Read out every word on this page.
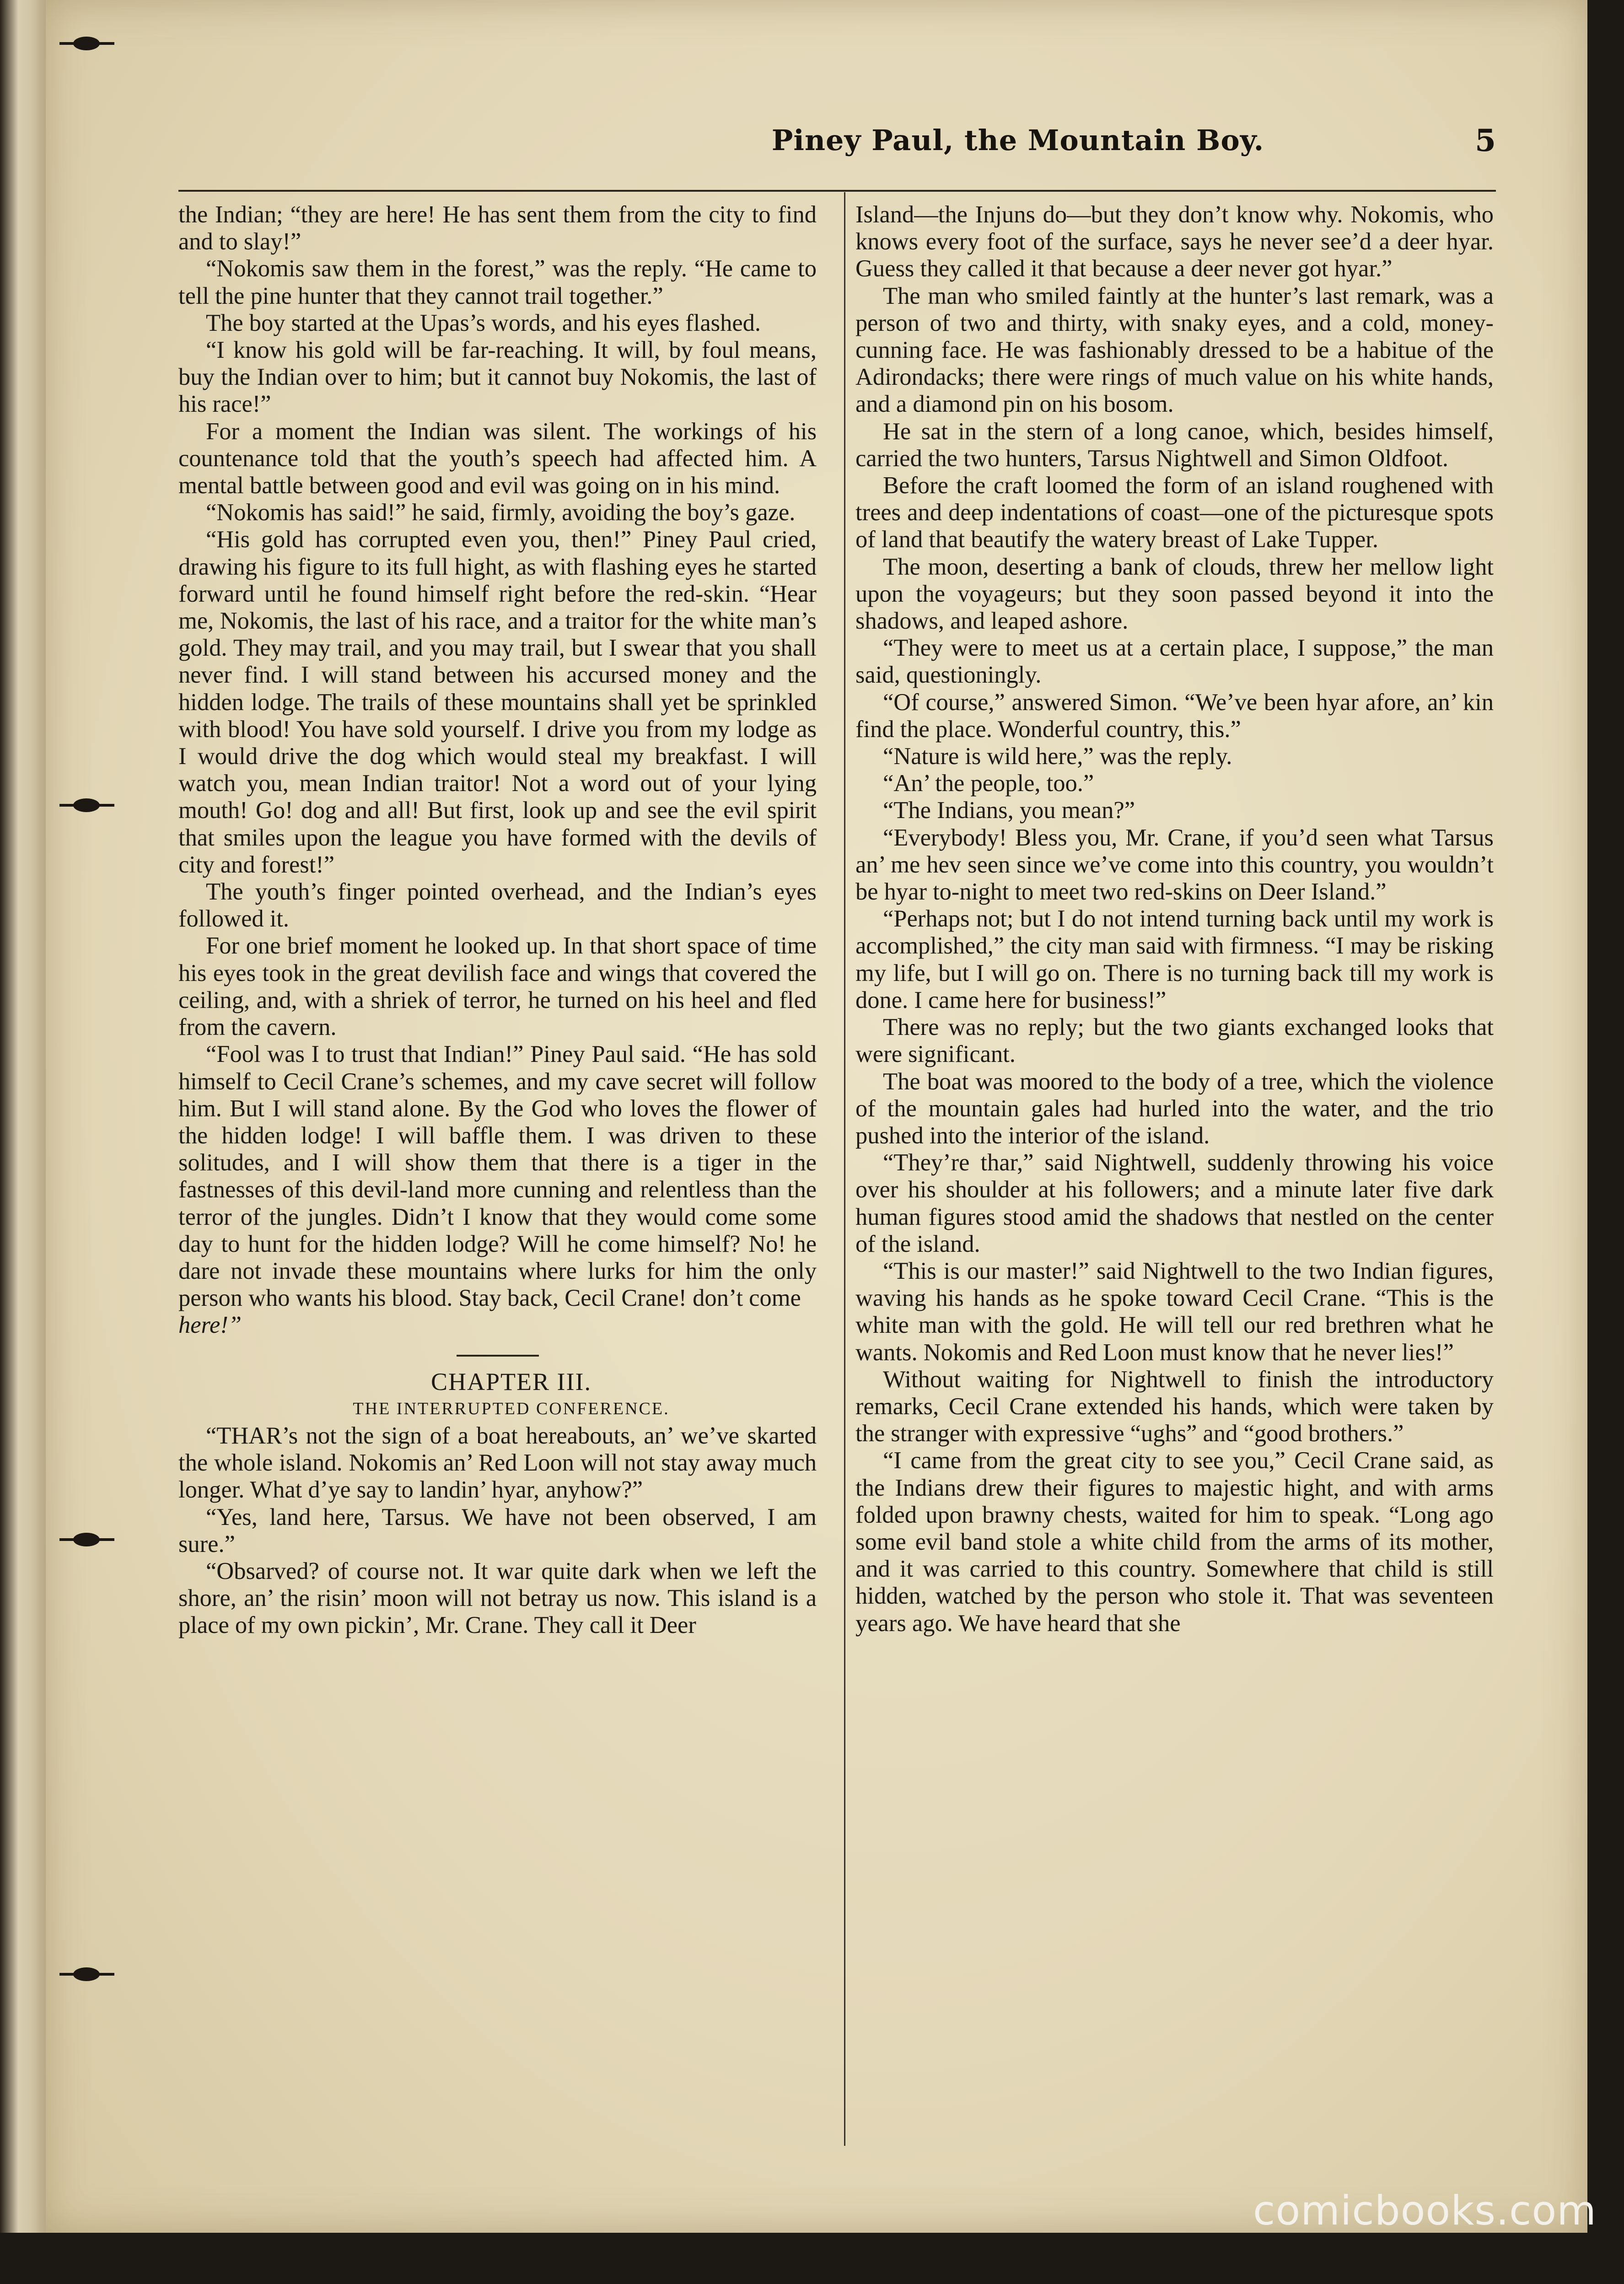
Piney Paul, the Mountain Boy.	5

the Indian; “they are here! He has sent them from the city to find and to slay!”

“Nokomis saw them in the forest,” was the reply. “He came to tell the pine hunter that they cannot trail together.”

The boy started at the Upas’s words, and his eyes flashed.

“I know his gold will be far-reaching. It will, by foul means, buy the Indian over to him; but it cannot buy Nokomis, the last of his race!”

For a moment the Indian was silent. The workings of his countenance told that the youth’s speech had affected him. A mental battle between good and evil was going on in his mind.

“Nokomis has said!” he said, firmly, avoiding the boy’s gaze.

“His gold has corrupted even you, then!” Piney Paul cried, drawing his figure to its full hight, as with flashing eyes he started forward until he found himself right before the red-skin. “Hear me, Nokomis, the last of his race, and a traitor for the white man’s gold. They may trail, and you may trail, but I swear that you shall never find. I will stand between his accursed money and the hidden lodge. The trails of these mountains shall yet be sprinkled with blood! You have sold yourself. I drive you from my lodge as I would drive the dog which would steal my breakfast. I will watch you, mean Indian traitor! Not a word out of your lying mouth! Go! dog and all! But first, look up and see the evil spirit that smiles upon the league you have formed with the devils of city and forest!”

The youth’s finger pointed overhead, and the Indian’s eyes followed it.

For one brief moment he looked up. In that short space of time his eyes took in the great devilish face and wings that covered the ceiling, and, with a shriek of terror, he turned on his heel and fled from the cavern.

“Fool was I to trust that Indian!” Piney Paul said. “He has sold himself to Cecil Crane’s schemes, and my cave secret will follow him. But I will stand alone. By the God who loves the flower of the hidden lodge! I will baffle them. I was driven to these solitudes, and I will show them that there is a tiger in the fastnesses of this devil-land more cunning and relentless than the terror of the jungles. Didn’t I know that they would come some day to hunt for the hidden lodge? Will he come himself? No! he dare not invade these mountains where lurks for him the only person who wants his blood. Stay back, Cecil Crane! don’t come

here!”

CHAPTER III.

THE INTERRUPTED CONFERENCE.

“THAR’s not the sign of a boat hereabouts, an’ we’ve skarted the whole island. Nokomis an’ Red Loon will not stay away much longer. What d’ye say to landin’ hyar, anyhow?”

“Yes, land here, Tarsus. We have not been observed, I am sure.”

“Obsarved? of course not. It war quite dark when we left the shore, an’ the risin’ moon will not betray us now. This island is a place of my own pickin’, Mr. Crane. They call it Deer

Island—the Injuns do—but they don’t know why. Nokomis, who knows every foot of the surface, says he never see’d a deer hyar. Guess they called it that because a deer never got hyar.”

The man who smiled faintly at the hunter’s last remark, was a person of two and thirty, with snaky eyes, and a cold, money-cunning face. He was fashionably dressed to be a habitue of the Adirondacks; there were rings of much value on his white hands, and a diamond pin on his bosom.

He sat in the stern of a long canoe, which, besides himself, carried the two hunters, Tarsus Nightwell and Simon Oldfoot.

Before the craft loomed the form of an island roughened with trees and deep indentations of coast—one of the picturesque spots of land that beautify the watery breast of Lake Tupper.

The moon, deserting a bank of clouds, threw her mellow light upon the voyageurs; but they soon passed beyond it into the shadows, and leaped ashore.

“They were to meet us at a certain place, I suppose,” the man said, questioningly.

“Of course,” answered Simon. “We’ve been hyar afore, an’ kin find the place. Wonderful country, this.”

“Nature is wild here,” was the reply.

“An’ the people, too.”

“The Indians, you mean?”

“Everybody! Bless you, Mr. Crane, if you’d seen what Tarsus an’ me hev seen since we’ve come into this country, you wouldn’t be hyar to-night to meet two red-skins on Deer Island.”

“Perhaps not; but I do not intend turning back until my work is accomplished,” the city man said with firmness. “I may be risking my life, but I will go on. There is no turning back till my work is done. I came here for business!”

There was no reply; but the two giants exchanged looks that were significant.

The boat was moored to the body of a tree, which the violence of the mountain gales had hurled into the water, and the trio pushed into the interior of the island.

“They’re thar,” said Nightwell, suddenly throwing his voice over his shoulder at his followers; and a minute later five dark human figures stood amid the shadows that nestled on the center of the island.

“This is our master!” said Nightwell to the two Indian figures, waving his hands as he spoke toward Cecil Crane. “This is the white man with the gold. He will tell our red brethren what he wants. Nokomis and Red Loon must know that he never lies!”

Without waiting for Nightwell to finish the introductory remarks, Cecil Crane extended his hands, which were taken by the stranger with expressive “ughs” and “good brothers.”

“I came from the great city to see you,” Cecil Crane said, as the Indians drew their figures to majestic hight, and with arms folded upon brawny chests, waited for him to speak. “Long ago some evil band stole a white child from the arms of its mother, and it was carried to this country. Somewhere that child is still hidden, watched by the person who stole it. That was seventeen years ago. We have heard that she

comicbooks.com
